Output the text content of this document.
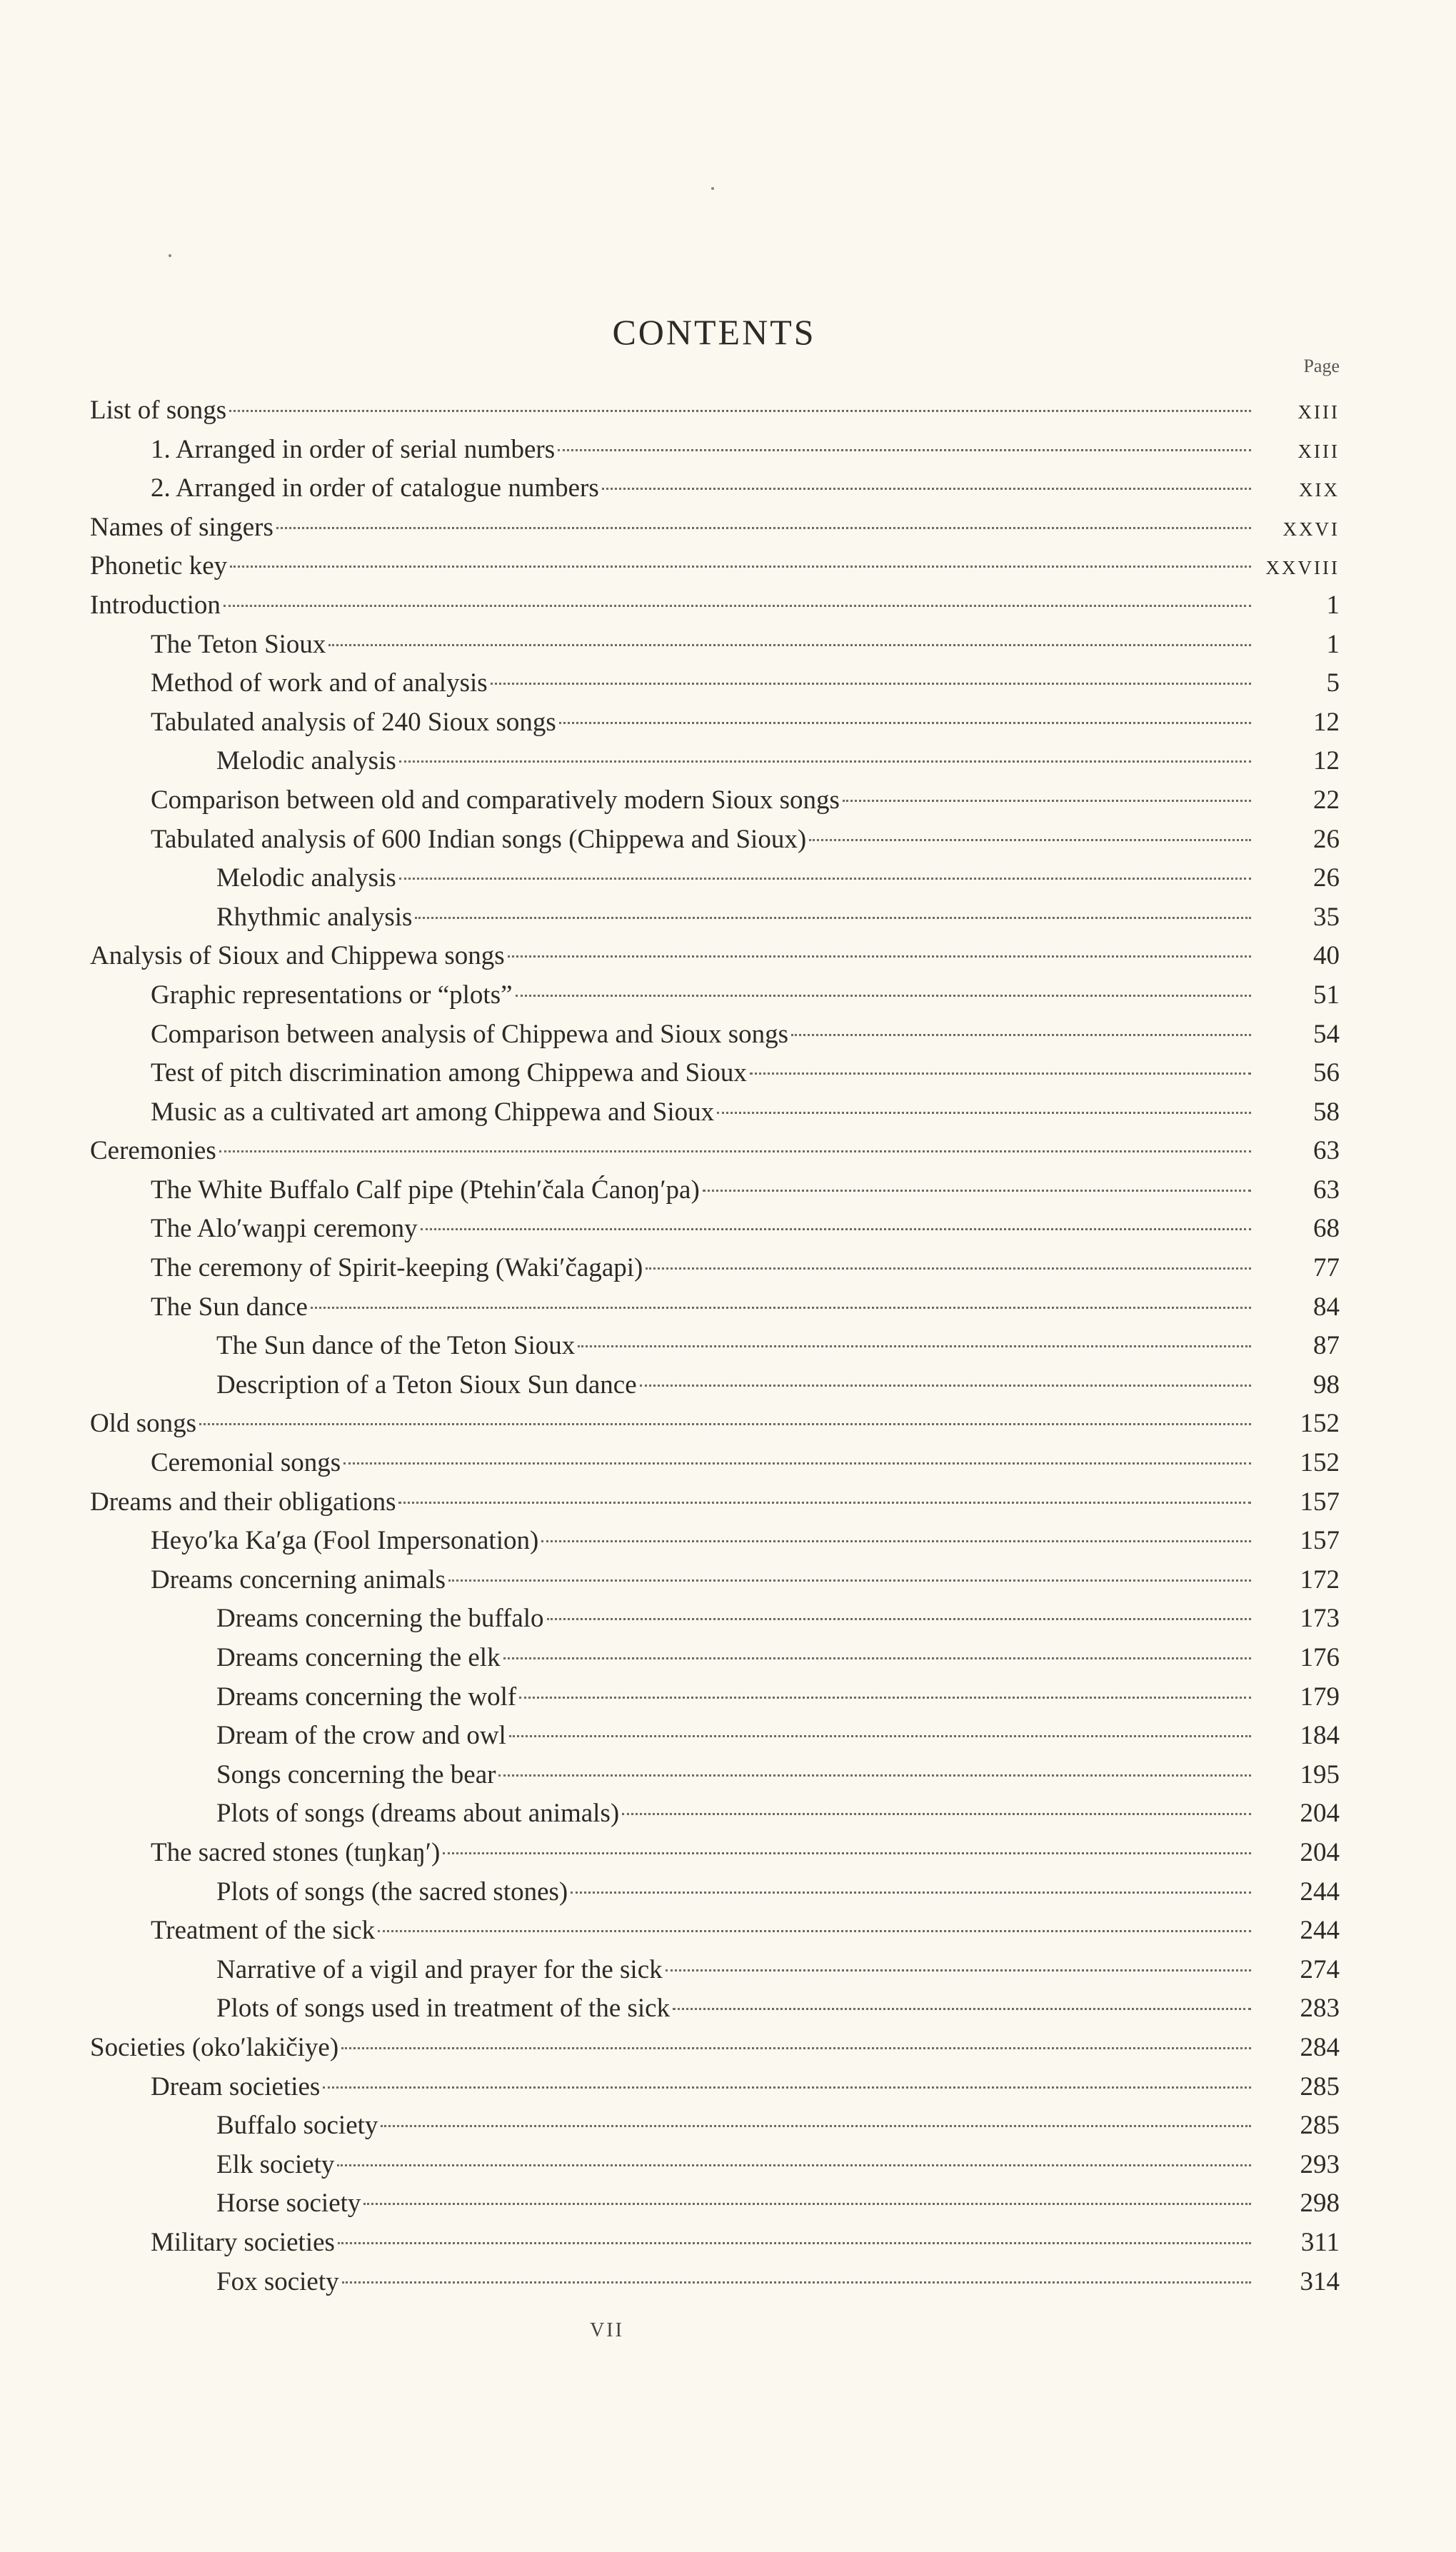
CONTENTS
Page
List of songs	XIII
1. Arranged in order of serial numbers	XIII
2. Arranged in order of catalogue numbers	XIX
Names of singers	XXVI
Phonetic key	XXVIII
Introduction	1
The Teton Sioux	1
Method of work and of analysis	5
Tabulated analysis of 240 Sioux songs	12
Melodic analysis	12
Comparison between old and comparatively modern Sioux songs	22
Tabulated analysis of 600 Indian songs (Chippewa and Sioux)	26
Melodic analysis	26
Rhythmic analysis	35
Analysis of Sioux and Chippewa songs	40
Graphic representations or “plots”	51
Comparison between analysis of Chippewa and Sioux songs	54
Test of pitch discrimination among Chippewa and Sioux	56
Music as a cultivated art among Chippewa and Sioux	58
Ceremonies	63
The White Buffalo Calf pipe (Ptehin′čala Ćanoŋ′pa)	63
The Alo′waŋpi ceremony	68
The ceremony of Spirit-keeping (Waki′čagapi)	77
The Sun dance	84
The Sun dance of the Teton Sioux	87
Description of a Teton Sioux Sun dance	98
Old songs	152
Ceremonial songs	152
Dreams and their obligations	157
Heyo′ka Ka′ga (Fool Impersonation)	157
Dreams concerning animals	172
Dreams concerning the buffalo	173
Dreams concerning the elk	176
Dreams concerning the wolf	179
Dream of the crow and owl	184
Songs concerning the bear	195
Plots of songs (dreams about animals)	204
The sacred stones (tuŋkaŋ′)	204
Plots of songs (the sacred stones)	244
Treatment of the sick	244
Narrative of a vigil and prayer for the sick	274
Plots of songs used in treatment of the sick	283
Societies (oko′lakičiye)	284
Dream societies	285
Buffalo society	285
Elk society	293
Horse society	298
Military societies	311
Fox society	314
VII
